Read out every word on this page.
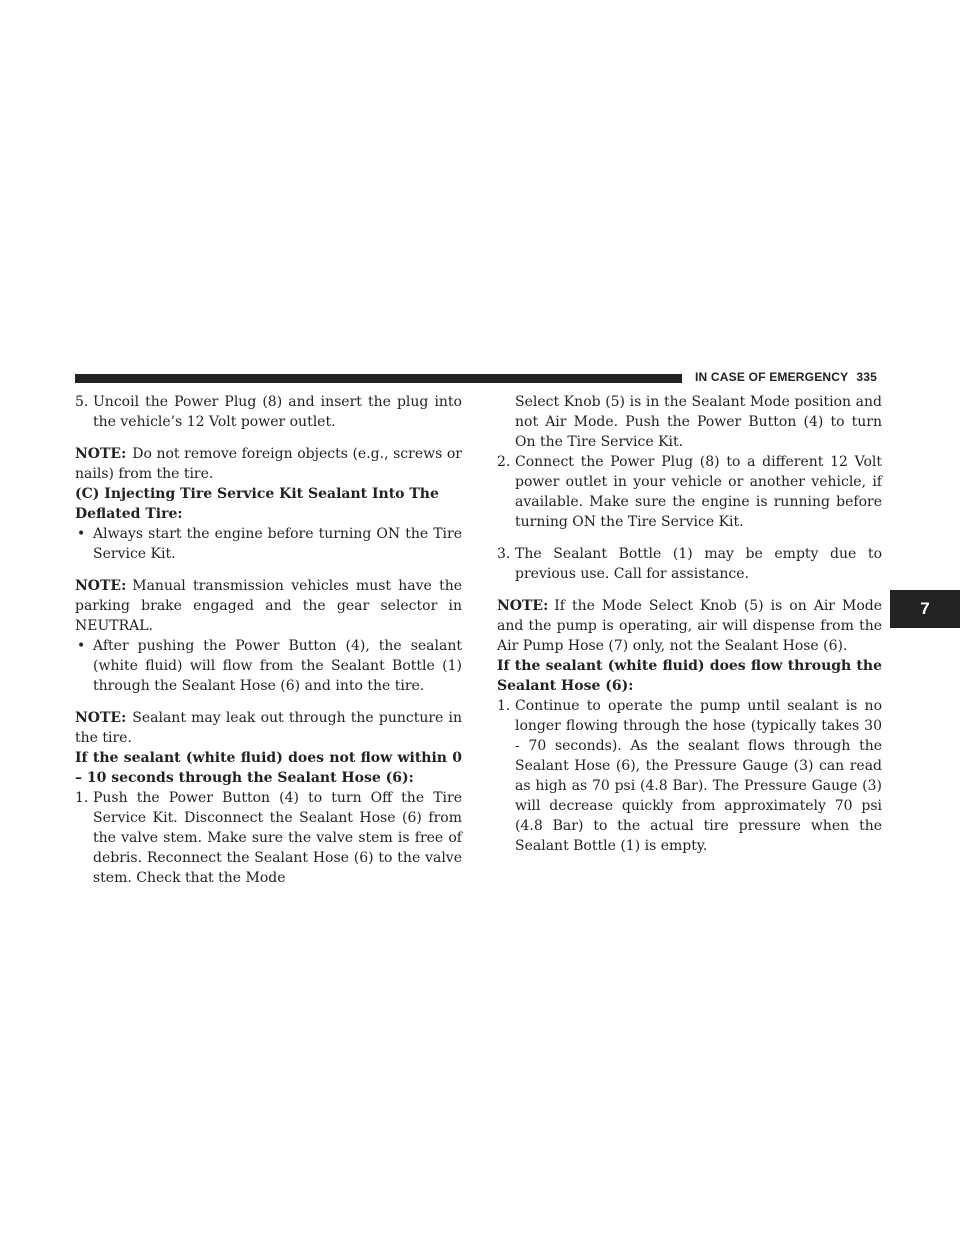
IN CASE OF EMERGENCY 335
7
5. Uncoil the Power Plug (8) and insert the plug into the vehicle’s 12 Volt power outlet.

NOTE: Do not remove foreign objects (e.g., screws or nails) from the tire.

(C) Injecting Tire Service Kit Sealant Into The Deflated Tire:

• Always start the engine before turning ON the Tire Service Kit.

NOTE: Manual transmission vehicles must have the parking brake engaged and the gear selector in NEUTRAL.

• After pushing the Power Button (4), the sealant (white fluid) will flow from the Sealant Bottle (1) through the Sealant Hose (6) and into the tire.

NOTE: Sealant may leak out through the puncture in the tire.

If the sealant (white fluid) does not flow within 0 – 10 seconds through the Sealant Hose (6):

1. Push the Power Button (4) to turn Off the Tire Service Kit. Disconnect the Sealant Hose (6) from the valve stem. Make sure the valve stem is free of debris. Reconnect the Sealant Hose (6) to the valve stem. Check that the Mode

Select Knob (5) is in the Sealant Mode position and not Air Mode. Push the Power Button (4) to turn On the Tire Service Kit.

2. Connect the Power Plug (8) to a different 12 Volt power outlet in your vehicle or another vehicle, if available. Make sure the engine is running before turning ON the Tire Service Kit.

3. The Sealant Bottle (1) may be empty due to previous use. Call for assistance.

NOTE: If the Mode Select Knob (5) is on Air Mode and the pump is operating, air will dispense from the Air Pump Hose (7) only, not the Sealant Hose (6).

If the sealant (white fluid) does flow through the Sealant Hose (6):

1. Continue to operate the pump until sealant is no longer flowing through the hose (typically takes 30 - 70 seconds). As the sealant flows through the Sealant Hose (6), the Pressure Gauge (3) can read as high as 70 psi (4.8 Bar). The Pressure Gauge (3) will decrease quickly from approximately 70 psi (4.8 Bar) to the actual tire pressure when the Sealant Bottle (1) is empty.
